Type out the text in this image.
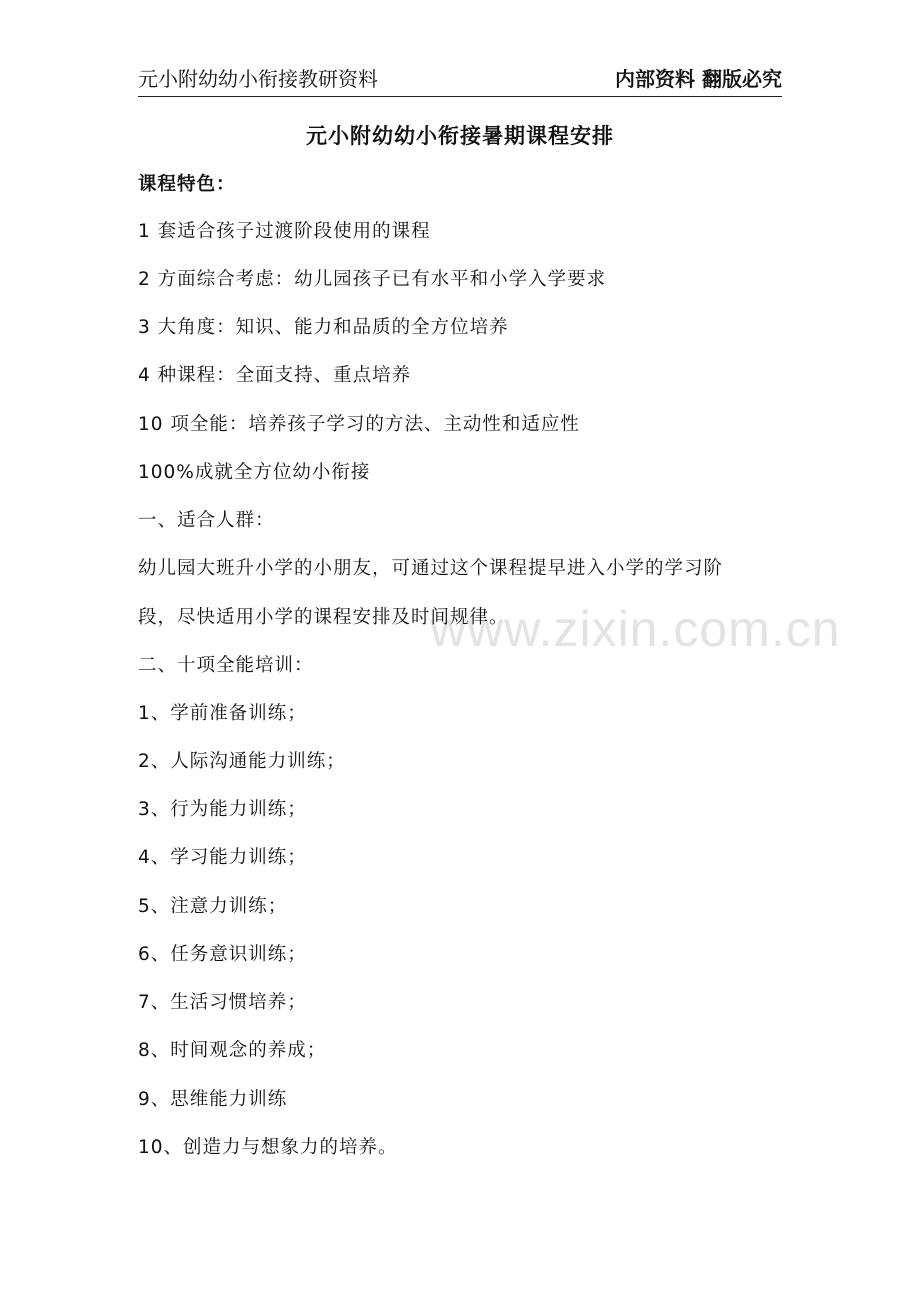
www.zixin.com.cn
元小附幼幼小衔接教研资料	内部资料 翻版必究
元小附幼幼小衔接暑期课程安排
课程特色：
1 套适合孩子过渡阶段使用的课程
2 方面综合考虑：幼儿园孩子已有水平和小学入学要求
3 大角度：知识、能力和品质的全方位培养
4 种课程：全面支持、重点培养
10 项全能：培养孩子学习的方法、主动性和适应性
100%成就全方位幼小衔接
一、适合人群：
幼儿园大班升小学的小朋友，可通过这个课程提早进入小学的学习阶
段，尽快适用小学的课程安排及时间规律。
二、十项全能培训：
1、学前准备训练；
2、人际沟通能力训练；
3、行为能力训练；
4、学习能力训练；
5、注意力训练；
6、任务意识训练；
7、生活习惯培养；
8、时间观念的养成；
9、思维能力训练
10、创造力与想象力的培养。
